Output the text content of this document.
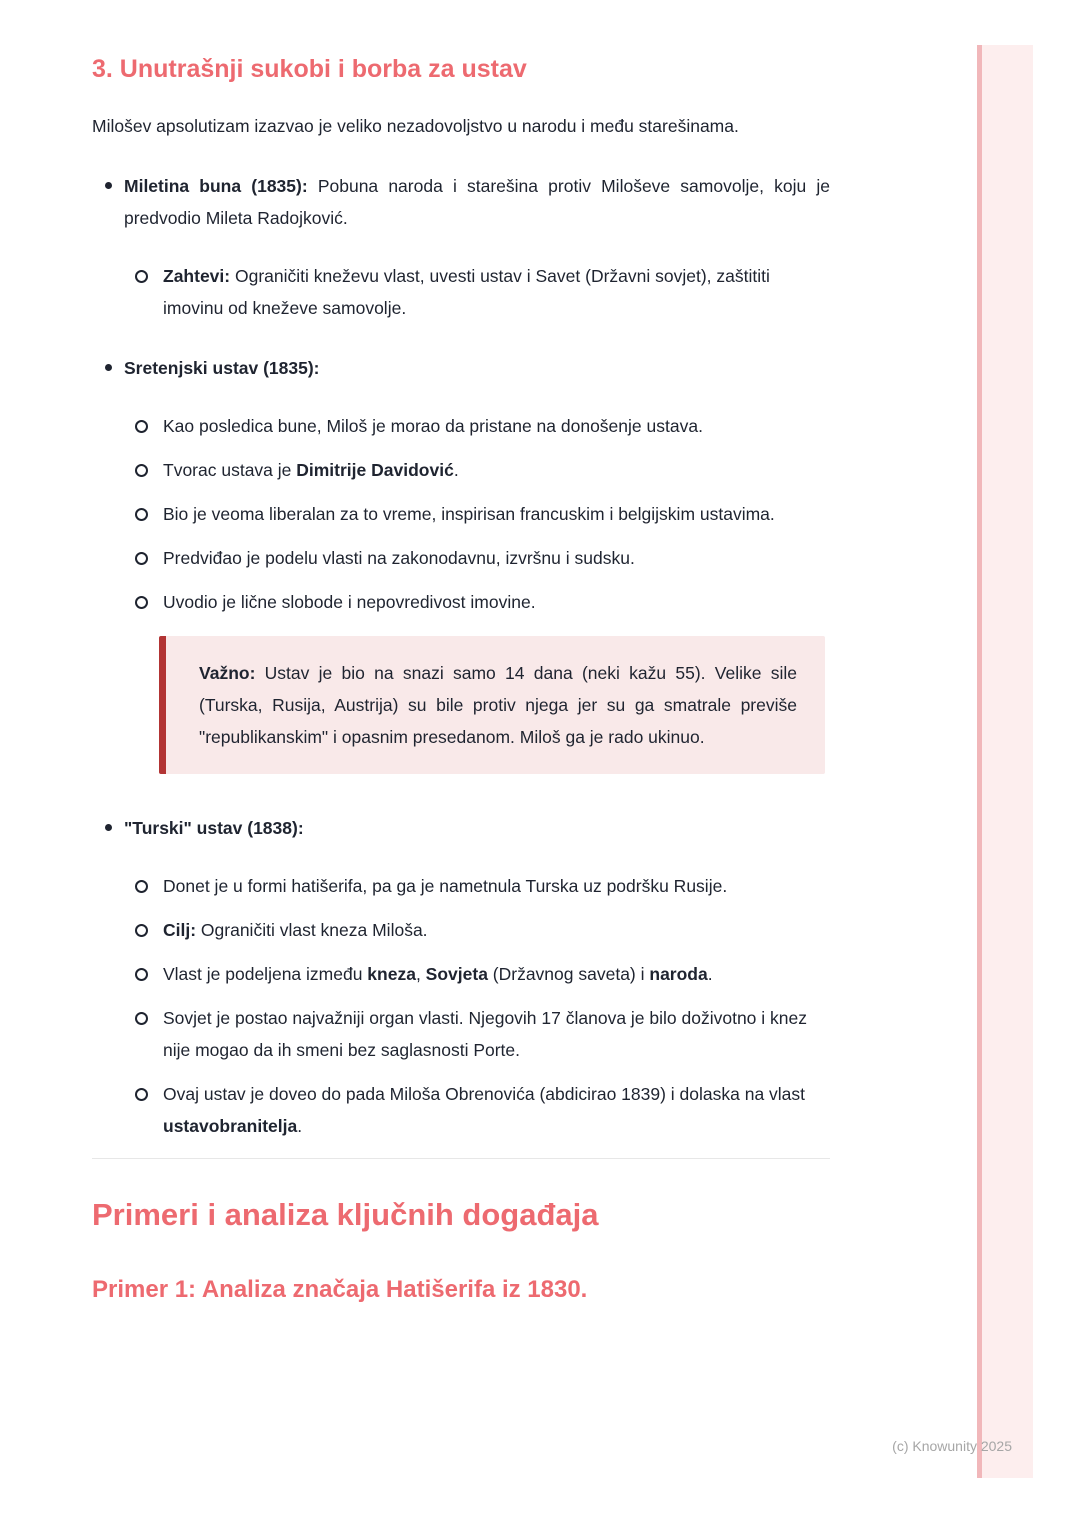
3. Unutrašnji sukobi i borba za ustav
Milošev apsolutizam izazvao je veliko nezadovoljstvo u narodu i među starešinama.
Miletina buna (1835): Pobuna naroda i starešina protiv Miloševe samovolje, koju je predvodio Mileta Radojković.
Zahtevi: Ograničiti kneževu vlast, uvesti ustav i Savet (Državni sovjet), zaštititi imovinu od kneževe samovolje.
Sretenjski ustav (1835):
Kao posledica bune, Miloš je morao da pristane na donošenje ustava.
Tvorac ustava je Dimitrije Davidović.
Bio je veoma liberalan za to vreme, inspirisan francuskim i belgijskim ustavima.
Predviđao je podelu vlasti na zakonodavnu, izvršnu i sudsku.
Uvodio je lične slobode i nepovredivost imovine.
Važno: Ustav je bio na snazi samo 14 dana (neki kažu 55). Velike sile (Turska, Rusija, Austrija) su bile protiv njega jer su ga smatrale previše "republikanskim" i opasnim presedanom. Miloš ga je rado ukinuo.
"Turski" ustav (1838):
Donet je u formi hatišerifa, pa ga je nametnula Turska uz podršku Rusije.
Cilj: Ograničiti vlast kneza Miloša.
Vlast je podeljena između kneza, Sovjeta (Državnog saveta) i naroda.
Sovjet je postao najvažniji organ vlasti. Njegovih 17 članova je bilo doživotno i knez nije mogao da ih smeni bez saglasnosti Porte.
Ovaj ustav je doveo do pada Miloša Obrenovića (abdicirao 1839) i dolaska na vlast ustavobranitelja.
Primeri i analiza ključnih događaja
Primer 1: Analiza značaja Hatišerifa iz 1830.
(c) Knowunity 2025
